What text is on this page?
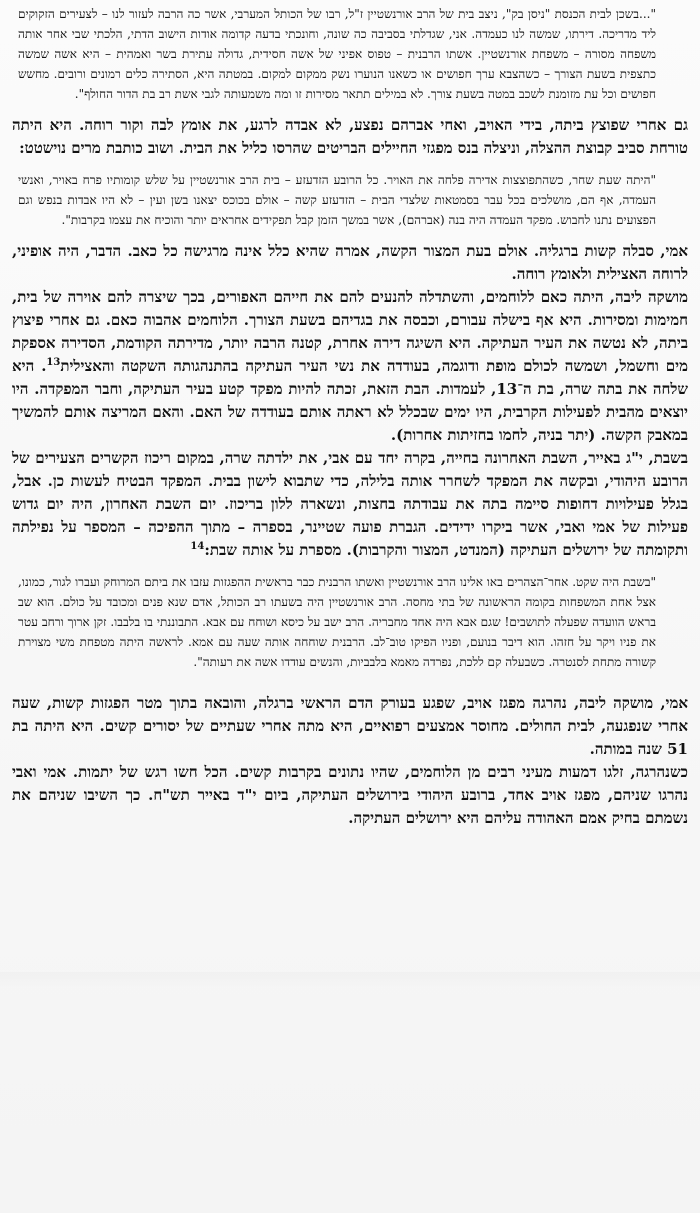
"...בשכן לבית הכנסת "ניסן בק", ניצב בית של הרב אורנשטיין ז"ל, רבו של הכותל המערבי, אשר כה הרבה לעזור לנו – לצעירים הזקוקים ליד מדריכה. דירתו, שמשה לנו כעמדה. אני, שגדלתי בסביבה כה שונה, וחונכתי בדעה קדומה אודות הישוב הדתי, הלכתי שבי אחר אותה משפחה מסורה – משפחת אורנשטיין. אשתו הרבנית – טפוס אפיני של אשה חסידית, גדולה עתירת בשר ואמהית – היא אשה שמשה כתצפית בשעת הצורך – כשהצבא ערך חפושים או כשאנו הנוערו נשק ממקום למקום. במטתה היא, הסתירה כלים רמונים ורובים. מחשש חפושים וכל עת מזומנת לשכב במטה בשעת צורך. לא במילים תתאר מסירות זו ומה משמעותה לגבי אשת רב בת הדור החולף".

גם אחרי שפוצץ ביתה, בידי האויב, ואחי אברהם נפצע, לא אבדה לרגע, את אומץ לבה וקור רוחה. היא היתה טורחת סביב קבוצת ההצלה, וניצלה בנס מפגזי החיילים הבריטים שהרסו כליל את הבית. ושוב כותבת מרים נוישטט:

"היתה שעת שחר, כשהתפוצצות אדירה פלחה את האויר. כל הרובע הזדעזע – בית הרב אורנשטיין על שלש קומותיו פרח באויר, ואנשי העמדה, אף הם, מושלכים בכל עבר בסמטאות שלצדי הבית – הזדעזע קשה – אולם בכוכס יצאנו בשן ועין – לא היו אבדות בנפש וגם הפצועים נתנו לחבוש. מפקד העמדה היה בנה (אברהם), אשר במשך הזמן קבל תפקידים אחראים יותר והוכיח את עצמו בקרבות".

אמי, סבלה קשות ברגליה. אולם בעת המצור הקשה, אמרה שהיא כלל אינה מרגישה כל כאב. הדבר, היה אופיני, לרוחה האצילית ולאומץ רוחה.

מושקה ליבה, היתה כאם ללוחמים, והשתדלה להנעים להם את חייהם האפורים, בכך שיצרה להם אוירה של בית, חמימות ומסירות. היא אף בישלה עבורם, וכבסה את בגדיהם בשעת הצורך. הלוחמים אהבוה כאם. גם אחרי פיצוץ ביתה, לא נטשה את העיר העתיקה. היא השיגה דירה אחרת, קטנה הרבה יותר, מדירתה הקודמת, הסדירה אספקת מים וחשמל, ושמשה לכולם מופת ודוגמה, בעודדה את נשי העיר העתיקה בהתנהגותה השקטה והאצילית$^{13}$. היא שלחה את בתה שרה, בת ה־13, לעמדות. הבת הזאת, זכתה להיות מפקד קטע בעיר העתיקה, וחבר המפקדה. היו יוצאים מהבית לפעילות הקרבית, היו ימים שבכלל לא ראתה אותם בעודדה של האם. והאם המריצה אותם להמשיך במאבק הקשה. (יתר בניה, לחמו בחזיתות אחרות).

בשבת, י"ג באייר, השבת האחרונה בחייה, בקרה יחד עם אבי, את ילדתה שרה, במקום ריכוז הקשרים הצעירים של הרובע היהודי, ובקשה את המפקד לשחרר אותה בלילה, כדי שתבוא לישון בבית. המפקד הבטיח לעשות כן. אבל, בגלל פעילויות דחופות סיימה בתה את עבודתה בחצות, ונשארה ללון בריכוז. יום השבת האחרון, היה יום גדוש פעילות של אמי ואבי, אשר ביקרו ידידים. הגברת פועה שטיינר, בספרה – מתוך ההפיכה – המספר על נפילתה ותקומתה של ירושלים העתיקה (המנדט, המצור והקרבות). מספרת על אותה שבת:$^{14}$

"בשבת היה שקט. אחר־הצהרים באו אלינו הרב אורנשטיין ואשתו הרבנית כבר בראשית ההפגזות עזבו את ביתם המרוחק ועברו לגור, כמונו, אצל אחת המשפחות בקומה הראשונה של בתי מחסה. הרב אורנשטיין היה בשעתו רב הכותל, אדם שנא פנים ומכובד על כולם. הוא שב בראש הוועדה שפעלה לתושבים! שגם אבא היה אחד מחבריה. הרב ישב על כיסא ושוחח עם אבא. התבוננתי בו בלבבו. זקן ארוך ורחב עטר את פניו ויקר על חזהו. הוא דיבר בנועם, ופניו הפיקו טוב־לב. הרבנית שוחחה אותה שעה עם אמא. לראשה היתה מטפחת משי מצוירת קשורה מתחת לסנטרה. כשבעלה קם ללכת, נפרדה מאמא בלבביות, והנשים עודדו אשה את רעותה".

אמי, מושקה ליבה, נהרגה מפגז אויב, שפגע בעורק הדם הראשי ברגלה, והובאה בתוך מטר הפגזות קשות, שעה אחרי שנפגעה, לבית החולים. מחוסר אמצעים רפואיים, היא מתה אחרי שעתיים של יסורים קשים. היא היתה בת 51 שנה במותה.

כשנהרגה, זלגו דמעות מעיני רבים מן הלוחמים, שהיו נתונים בקרבות קשים. הכל חשו רגש של יתמות. אמי ואבי נהרגו שניהם, מפגז אויב אחד, ברובע היהודי בירושלים העתיקה, ביום י"ד באייר תש"ח. כך השיבו שניהם את נשמתם בחיק אמם האהודה עליהם היא ירושלים העתיקה.
